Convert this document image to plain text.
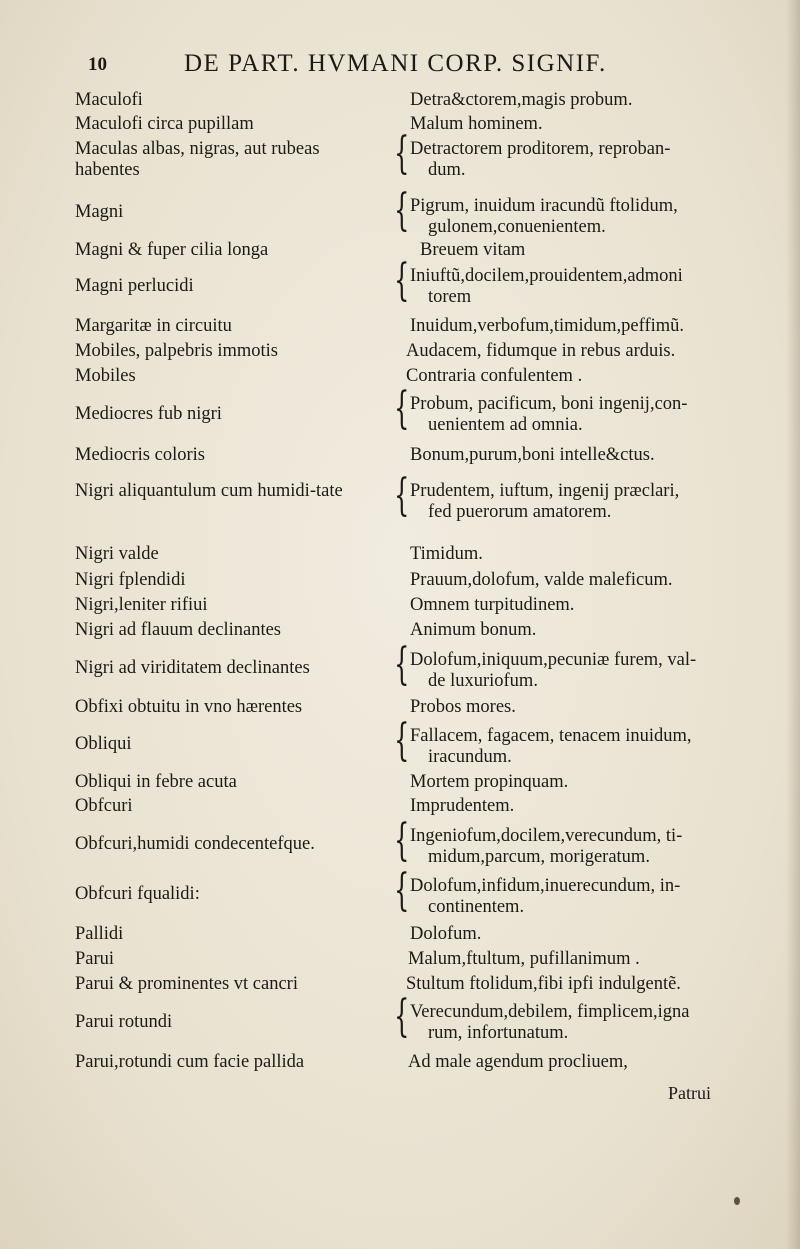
10	DE PART. HVMANI CORP. SIGNIF.
Maculofi	Detra&ctorem,magis probum.
Maculofi circa pupillam	Malum hominem.
Maculas albas, nigras, aut rubeas habentes	{ Detractorem proditorem, reproban-
dum.
Magni	{ Pigrum, inuidum iracundũ ftolidum,
gulonem,conuenientem.
Magni & fuper cilia longa	Breuem vitam
Magni perlucidi	{ Iniuftũ,docilem,prouidentem,admoni
torem
Margaritæ in circuitu	Inuidum,verbofum,timidum,peffimũ.
Mobiles, palpebris immotis	Audacem, fidumque in rebus arduis.
Mobiles	Contraria confulentem .
Mediocres fub nigri	{ Probum, pacificum, boni ingenij,con-
uenientem ad omnia.
Mediocris coloris	Bonum,purum,boni intelle&ctus.
Nigri aliquantulum cum humidi-tate	{ Prudentem, iuftum, ingenij præclari,
fed puerorum amatorem.
Nigri valde	Timidum.
Nigri fplendidi	Prauum,dolofum, valde maleficum.
Nigri,leniter rifiui	Omnem turpitudinem.
Nigri ad flauum declinantes	Animum bonum.
Nigri ad viriditatem declinantes	{ Dolofum,iniquum,pecuniæ furem, val-
de luxuriofum.
Obfixi obtuitu in vno hærentes	Probos mores.
Obliqui	{ Fallacem, fagacem, tenacem inuidum,
iracundum.
Obliqui in febre acuta	Mortem propinquam.
Obfcuri	Imprudentem.
Obfcuri,humidi condecentefque.	{ Ingeniofum,docilem,verecundum, ti-
midum,parcum, morigeratum.
Obfcuri fqualidi:	{ Dolofum,infidum,inuerecundum, in-
continentem.
Pallidi	Dolofum.
Parui	Malum,ftultum, pufillanimum .
Parui & prominentes vt cancri	Stultum ftolidum,fibi ipfi indulgentẽ.
Parui rotundi	{ Verecundum,debilem, fimplicem,igna
rum, infortunatum.
Parui,rotundi cum facie pallida	Ad male agendum procliuem,
Patrui
